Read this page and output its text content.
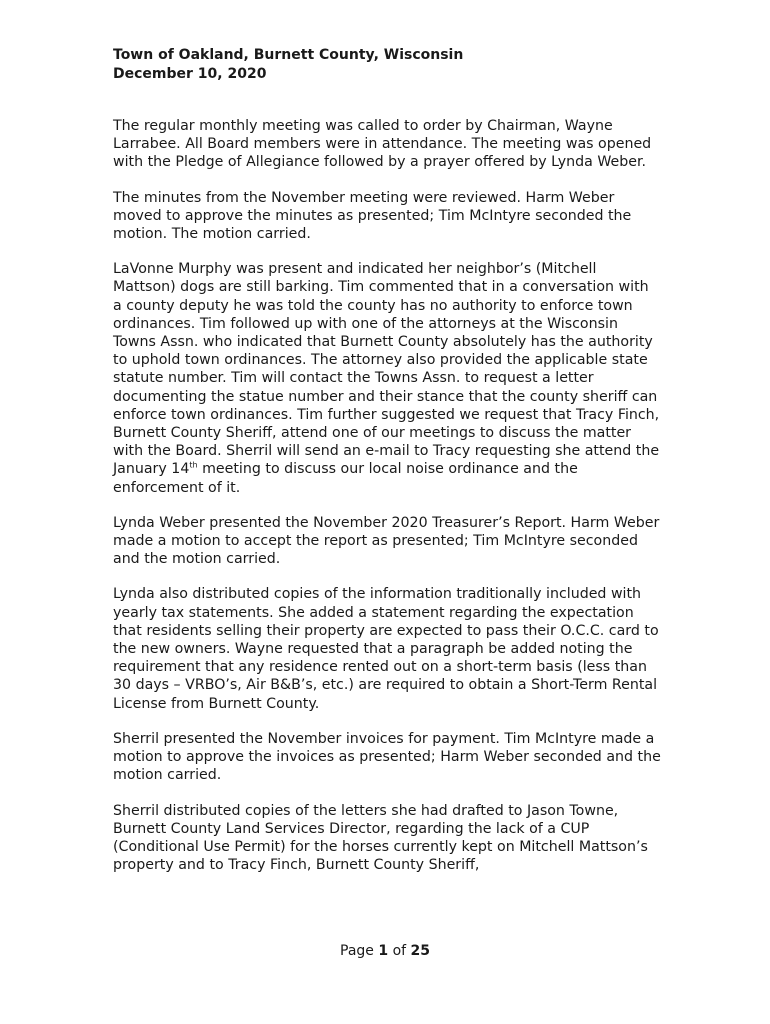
Town of Oakland, Burnett County, Wisconsin
December 10, 2020

The regular monthly meeting was called to order by Chairman, Wayne Larrabee. All Board members were in attendance. The meeting was opened with the Pledge of Allegiance followed by a prayer offered by Lynda Weber.

The minutes from the November meeting were reviewed. Harm Weber moved to approve the minutes as presented; Tim McIntyre seconded the motion. The motion carried.

LaVonne Murphy was present and indicated her neighbor’s (Mitchell Mattson) dogs are still barking. Tim commented that in a conversation with a county deputy he was told the county has no authority to enforce town ordinances. Tim followed up with one of the attorneys at the Wisconsin Towns Assn. who indicated that Burnett County absolutely has the authority to uphold town ordinances. The attorney also provided the applicable state statute number. Tim will contact the Towns Assn. to request a letter documenting the statue number and their stance that the county sheriff can enforce town ordinances. Tim further suggested we request that Tracy Finch, Burnett County Sheriff, attend one of our meetings to discuss the matter with the Board. Sherril will send an e-mail to Tracy requesting she attend the January 14th meeting to discuss our local noise ordinance and the enforcement of it.

Lynda Weber presented the November 2020 Treasurer’s Report. Harm Weber made a motion to accept the report as presented; Tim McIntyre seconded and the motion carried.

Lynda also distributed copies of the information traditionally included with yearly tax statements. She added a statement regarding the expectation that residents selling their property are expected to pass their O.C.C. card to the new owners. Wayne requested that a paragraph be added noting the requirement that any residence rented out on a short-term basis (less than 30 days – VRBO’s, Air B&B’s, etc.) are required to obtain a Short-Term Rental License from Burnett County.

Sherril presented the November invoices for payment. Tim McIntyre made a motion to approve the invoices as presented; Harm Weber seconded and the motion carried.

Sherril distributed copies of the letters she had drafted to Jason Towne, Burnett County Land Services Director, regarding the lack of a CUP (Conditional Use Permit) for the horses currently kept on Mitchell Mattson’s property and to Tracy Finch, Burnett County Sheriff,

Page 1 of 25
